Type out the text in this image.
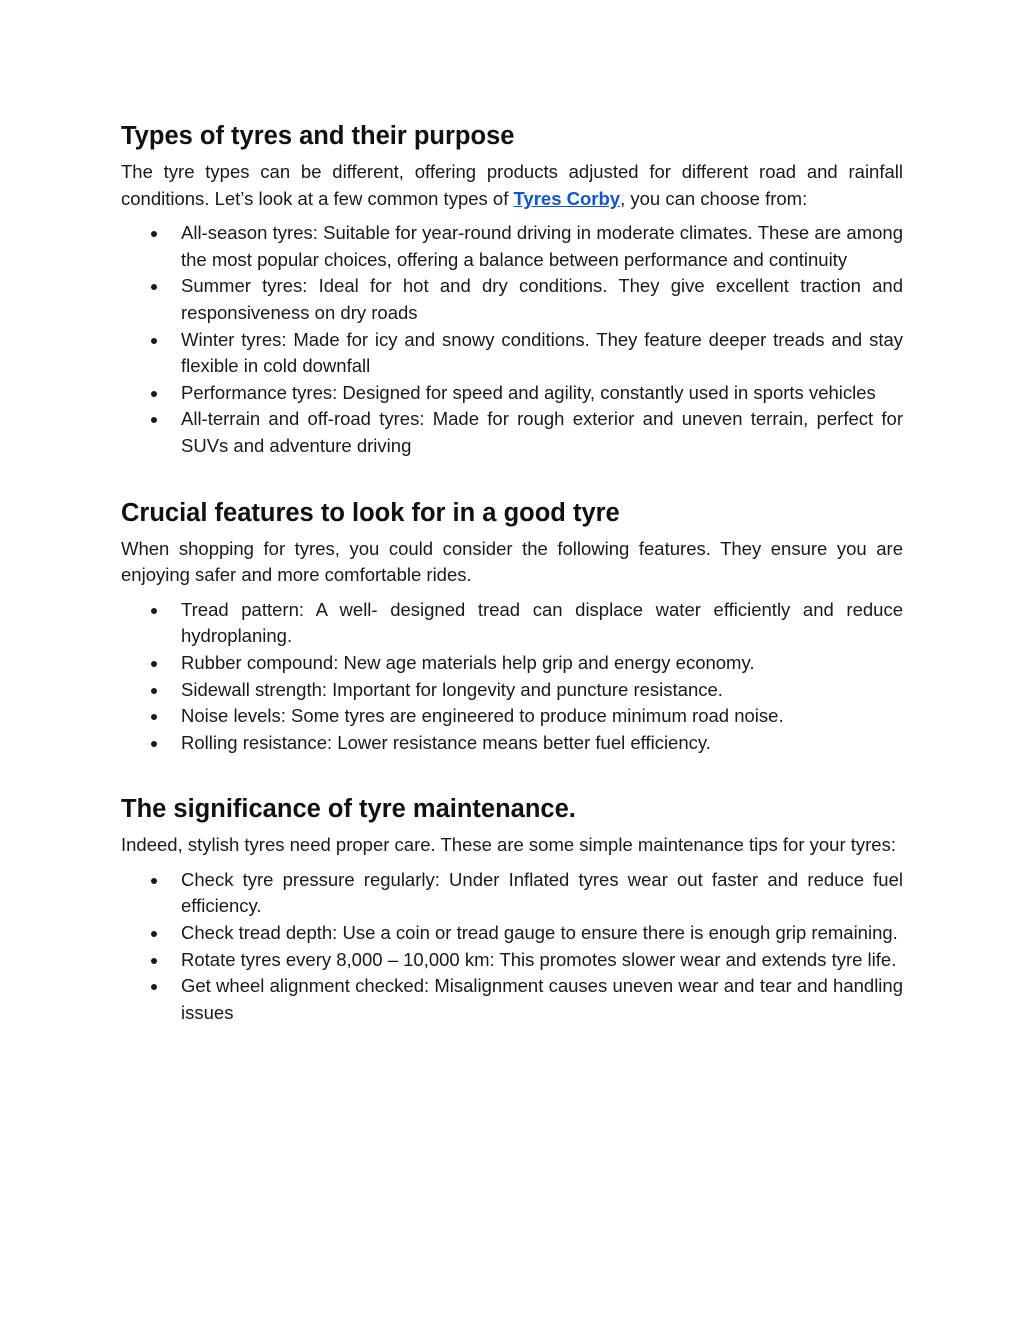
Types of tyres and their purpose

The tyre types can be different, offering products adjusted for different road and rainfall conditions. Let’s look at a few common types of Tyres Corby, you can choose from:

All-season tyres: Suitable for year-round driving in moderate climates. These are among the most popular choices, offering a balance between performance and continuity
Summer tyres: Ideal for hot and dry conditions. They give excellent traction and responsiveness on dry roads
Winter tyres: Made for icy and snowy conditions. They feature deeper treads and stay flexible in cold downfall
Performance tyres: Designed for speed and agility, constantly used in sports vehicles
All-terrain and off-road tyres: Made for rough exterior and uneven terrain, perfect for SUVs and adventure driving
Crucial features to look for in a good tyre

When shopping for tyres, you could consider the following features. They ensure you are enjoying safer and more comfortable rides.

Tread pattern: A well- designed tread can displace water efficiently and reduce hydroplaning.
Rubber compound: New age materials help grip and energy economy.
Sidewall strength: Important for longevity and puncture resistance.
Noise levels: Some tyres are engineered to produce minimum road noise.
Rolling resistance: Lower resistance means better fuel efficiency.
The significance of tyre maintenance.

Indeed, stylish tyres need proper care. These are some simple maintenance tips for your tyres:

Check tyre pressure regularly: Under Inflated tyres wear out faster and reduce fuel efficiency.
Check tread depth: Use a coin or tread gauge to ensure there is enough grip remaining.
Rotate tyres every 8,000 – 10,000 km: This promotes slower wear and extends tyre life.
Get wheel alignment checked: Misalignment causes uneven wear and tear and handling issues
